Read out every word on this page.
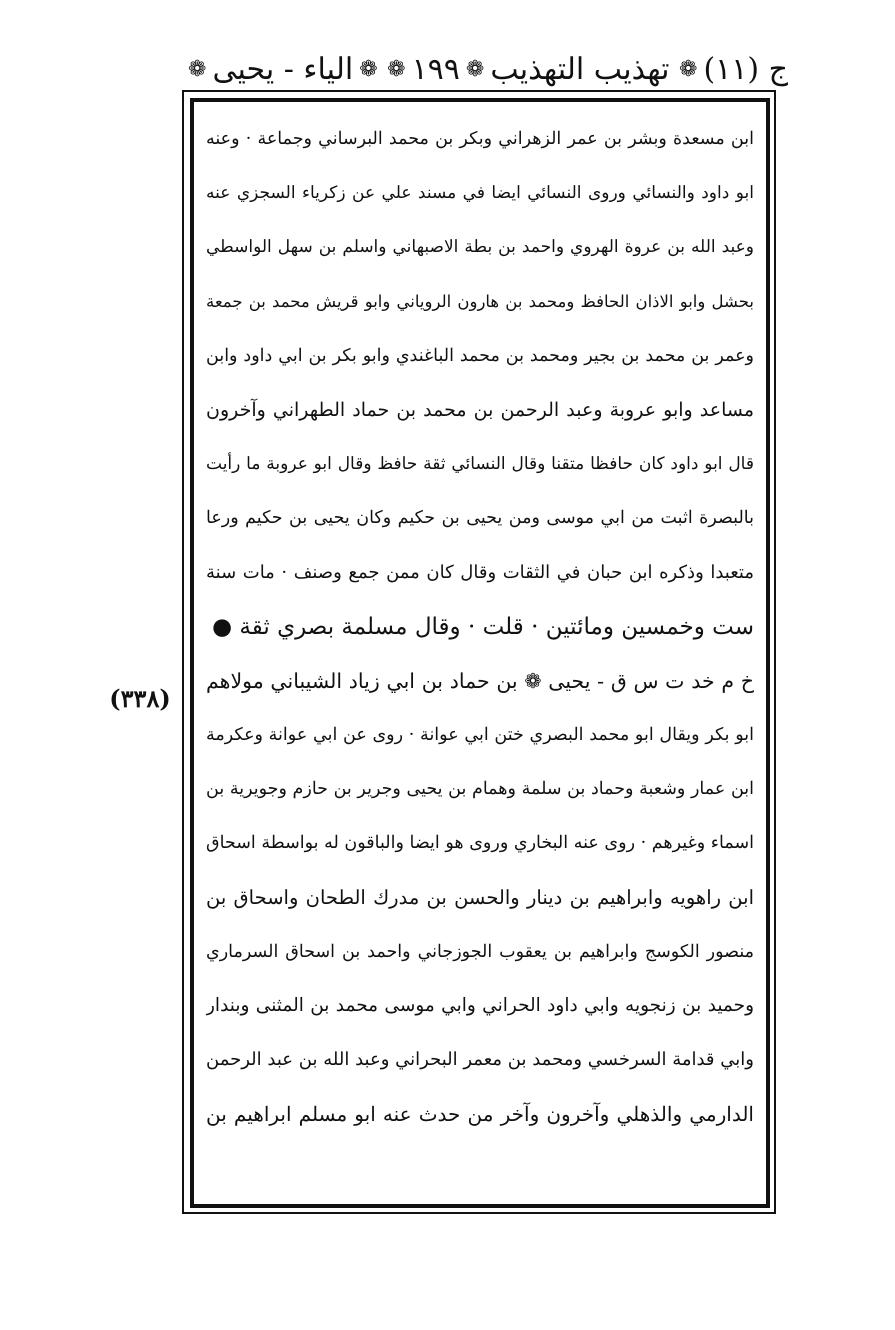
ج (١١)
❁
تهذيب التهذيب
❁
١٩٩
❁
❁
الياء - يحيى
❁
(٣٣٨)
ابن مسعدة وبشر بن عمر الزهراني وبكر بن محمد البرساني وجماعة · وعنه
ابو داود والنسائي وروى النسائي ايضا في مسند علي عن زكرياء السجزي عنه
وعبد الله بن عروة الهروي واحمد بن بطة الاصبهاني واسلم بن سهل الواسطي
بحشل وابو الاذان الحافظ ومحمد بن هارون الروياني وابو قريش محمد بن جمعة
وعمر بن محمد بن بجير ومحمد بن محمد الباغندي وابو بكر بن ابي داود وابن
مساعد وابو عروبة وعبد الرحمن بن محمد بن حماد الطهراني وآخرون
قال ابو داود كان حافظا متقنا وقال النسائي ثقة حافظ وقال ابو عروبة ما رأيت
بالبصرة اثبت من ابي موسى ومن يحيى بن حكيم وكان يحيى بن حكيم ورعا
متعبدا وذكره ابن حبان في الثقات وقال كان ممن جمع وصنف · مات سنة
ست وخمسين ومائتين · قلت · وقال مسلمة بصري ثقة ●
خ م خد ت س ق - يحيى ❁ بن حماد بن ابي زياد الشيباني مولاهم
ابو بكر ويقال ابو محمد البصري ختن ابي عوانة · روى عن ابي عوانة وعكرمة
ابن عمار وشعبة وحماد بن سلمة وهمام بن يحيى وجرير بن حازم وجويرية بن
اسماء وغيرهم · روى عنه البخاري وروى هو ايضا والباقون له بواسطة اسحاق
ابن راهويه وابراهيم بن دينار والحسن بن مدرك الطحان واسحاق بن
منصور الكوسج وابراهيم بن يعقوب الجوزجاني واحمد بن اسحاق السرماري
وحميد بن زنجويه وابي داود الحراني وابي موسى محمد بن المثنى وبندار
وابي قدامة السرخسي ومحمد بن معمر البحراني وعبد الله بن عبد الرحمن
الدارمي والذهلي وآخرون وآخر من حدث عنه ابو مسلم ابراهيم بن
